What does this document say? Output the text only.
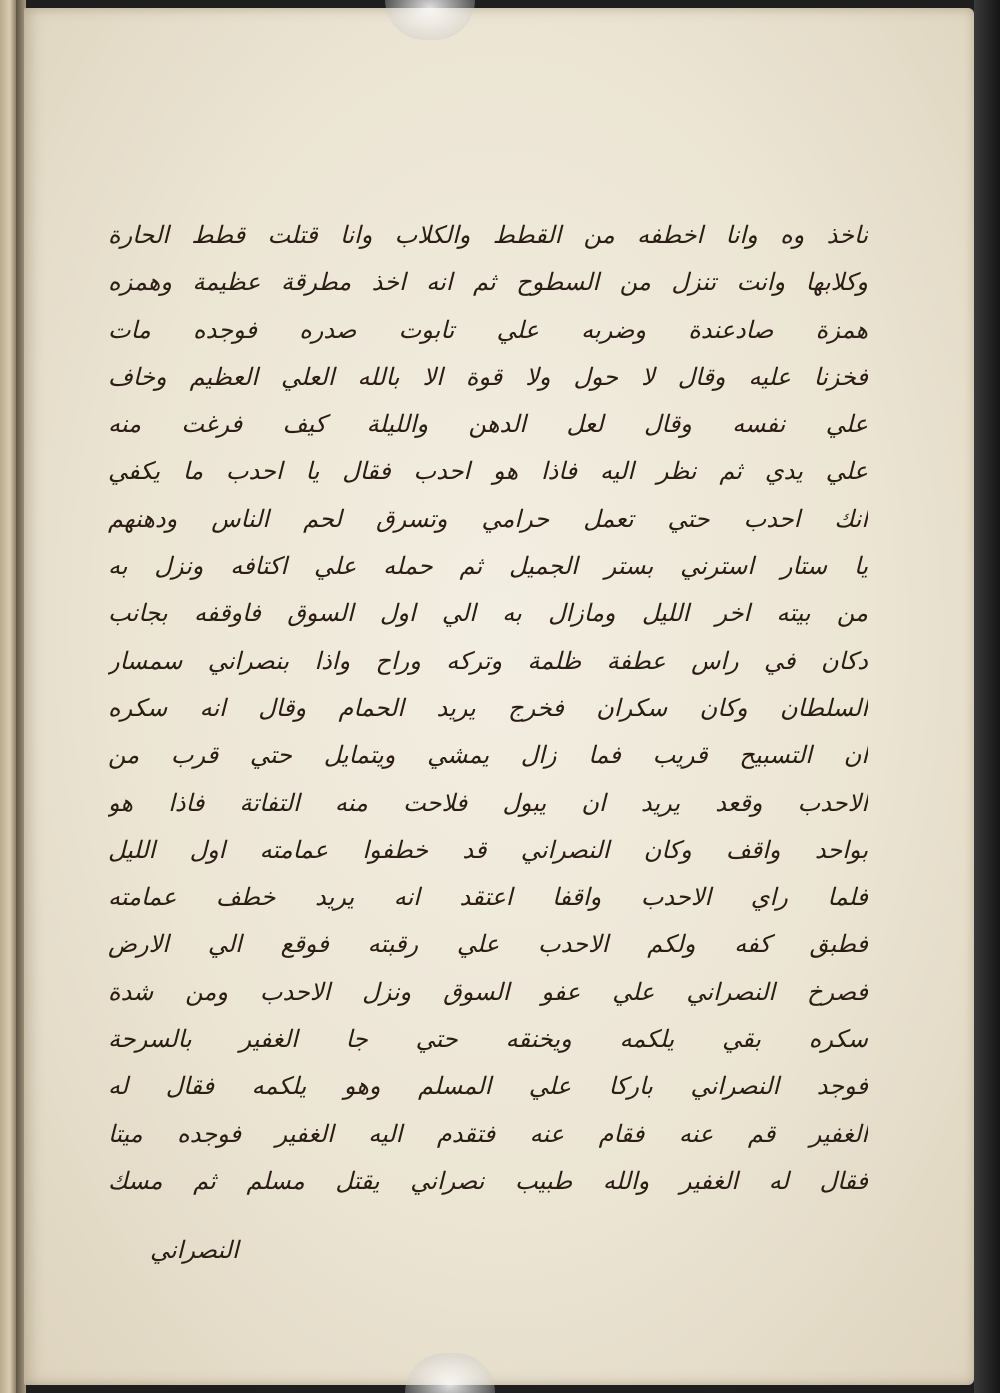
ناخذ وه وانا اخطفه من القطط والكلاب وانا قتلت قطط الحارة
وكلابها وانت تنزل من السطوح ثم انه اخذ مطرقة عظيمة وهمزه
همزة صادعندة وضربه علي تابوت صدره فوجده مات
فخزنا عليه وقال لا حول ولا قوة الا بالله العلي العظيم وخاف
علي نفسه وقال لعل الدهن والليلة كيف فرغت منه
علي يدي ثم نظر اليه فاذا هو احدب فقال يا احدب ما يكفي
انك احدب حتي تعمل حرامي وتسرق لحم الناس ودهنهم
يا ستار استرني بستر الجميل ثم حمله علي اكتافه ونزل به
من بيته اخر الليل ومازال به الي اول السوق فاوقفه بجانب
دكان في راس عطفة ظلمة وتركه وراح واذا بنصراني سمسار
السلطان وكان سكران فخرج يريد الحمام وقال انه سكره
ان التسبيح قريب فما زال يمشي ويتمايل حتي قرب من
الاحدب وقعد يريد ان يبول فلاحت منه التفاتة فاذا هو
بواحد واقف وكان النصراني قد خطفوا عمامته اول الليل
فلما راي الاحدب واقفا اعتقد انه يريد خطف عمامته
فطبق كفه ولكم الاحدب علي رقبته فوقع الي الارض
فصرخ النصراني علي عفو السوق ونزل الاحدب ومن شدة
سكره بقي يلكمه ويخنقه حتي جا الغفير بالسرحة
فوجد النصراني باركا علي المسلم وهو يلكمه فقال له
الغفير قم عنه فقام عنه فتقدم اليه الغفير فوجده ميتا
فقال له الغفير والله طبيب نصراني يقتل مسلم ثم مسك
النصراني
